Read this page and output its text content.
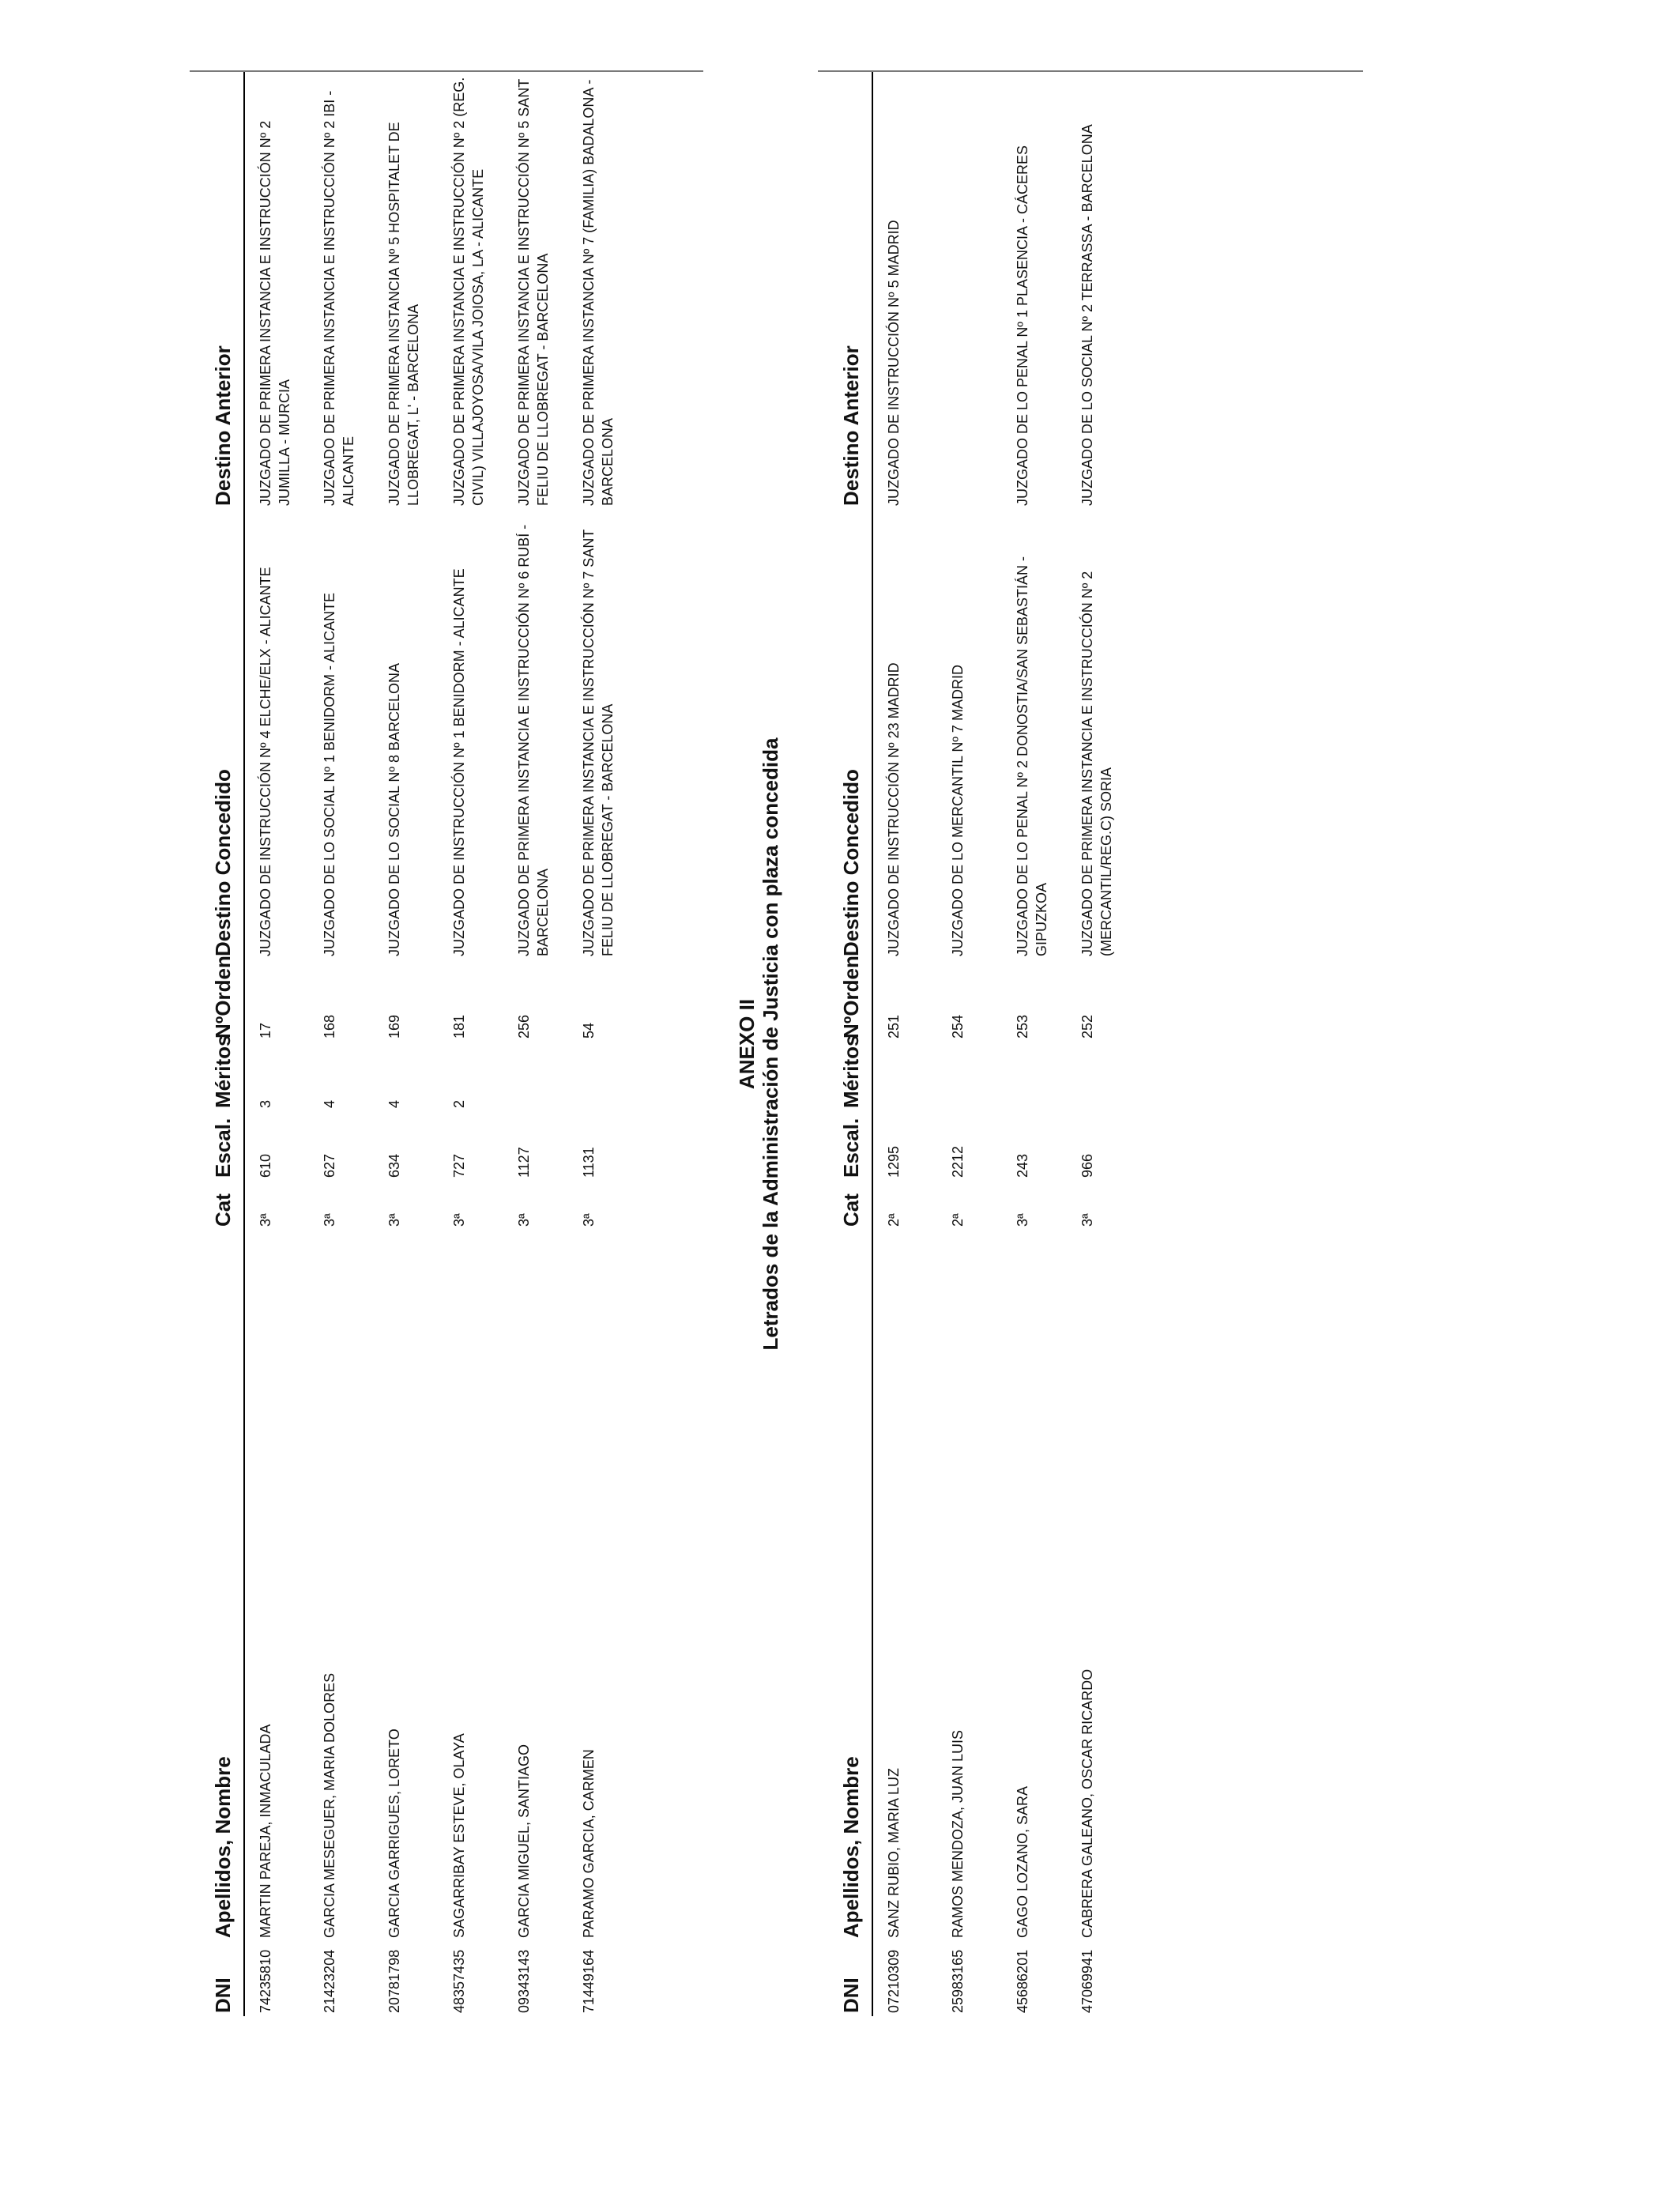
DNI	Apellidos, Nombre	Cat	Escal.	Méritos	NºOrden	Destino Concedido	Destino Anterior
74235810	MARTIN PAREJA, INMACULADA	3ª	610	3	17	JUZGADO DE INSTRUCCIÓN Nº 4 ELCHE/ELX - ALICANTE	JUZGADO DE PRIMERA INSTANCIA E INSTRUCCIÓN Nº 2 JUMILLA - MURCIA
21423204	GARCIA MESEGUER, MARIA DOLORES	3ª	627	4	168	JUZGADO DE LO SOCIAL Nº 1 BENIDORM - ALICANTE	JUZGADO DE PRIMERA INSTANCIA E INSTRUCCIÓN Nº 2 IBI - ALICANTE
20781798	GARCIA GARRIGUES, LORETO	3ª	634	4	169	JUZGADO DE LO SOCIAL Nº 8 BARCELONA	JUZGADO DE PRIMERA INSTANCIA Nº 5 HOSPITALET DE LLOBREGAT, L' - BARCELONA
48357435	SAGARRIBAY ESTEVE, OLAYA	3ª	727	2	181	JUZGADO DE INSTRUCCIÓN Nº 1 BENIDORM - ALICANTE	JUZGADO DE PRIMERA INSTANCIA E INSTRUCCIÓN Nº 2 (REG. CIVIL) VILLAJOYOSA/VILA JOIOSA, LA - ALICANTE
09343143	GARCIA MIGUEL, SANTIAGO	3ª	1127		256	JUZGADO DE PRIMERA INSTANCIA E INSTRUCCIÓN Nº 6 RUBÍ - BARCELONA	JUZGADO DE PRIMERA INSTANCIA E INSTRUCCIÓN Nº 5 SANT FELIU DE LLOBREGAT - BARCELONA
71449164	PARAMO GARCIA, CARMEN	3ª	1131		54	JUZGADO DE PRIMERA INSTANCIA E INSTRUCCIÓN Nº 7 SANT FELIU DE LLOBREGAT - BARCELONA	JUZGADO DE PRIMERA INSTANCIA Nº 7 (FAMILIA) BADALONA - BARCELONA
ANEXO II Letrados de la Administración de Justicia con plaza concedida
DNI	Apellidos, Nombre	Cat	Escal.	Méritos	NºOrden	Destino Concedido	Destino Anterior
07210309	SANZ RUBIO, MARIA LUZ	2ª	1295		251	JUZGADO DE INSTRUCCIÓN Nº 23 MADRID	JUZGADO DE INSTRUCCIÓN Nº 5 MADRID
25983165	RAMOS MENDOZA, JUAN LUIS	2ª	2212		254	JUZGADO DE LO MERCANTIL Nº 7 MADRID	
45686201	GAGO LOZANO, SARA	3ª	243		253	JUZGADO DE LO PENAL Nº 2 DONOSTIA/SAN SEBASTIÁN - GIPUZKOA	JUZGADO DE LO PENAL Nº 1 PLASENCIA - CÁCERES
47069941	CABRERA GALEANO, OSCAR RICARDO	3ª	966		252	JUZGADO DE PRIMERA INSTANCIA E INSTRUCCIÓN Nº 2 (MERCANTIL/REG.C) SORIA	JUZGADO DE LO SOCIAL Nº 2 TERRASSA - BARCELONA
